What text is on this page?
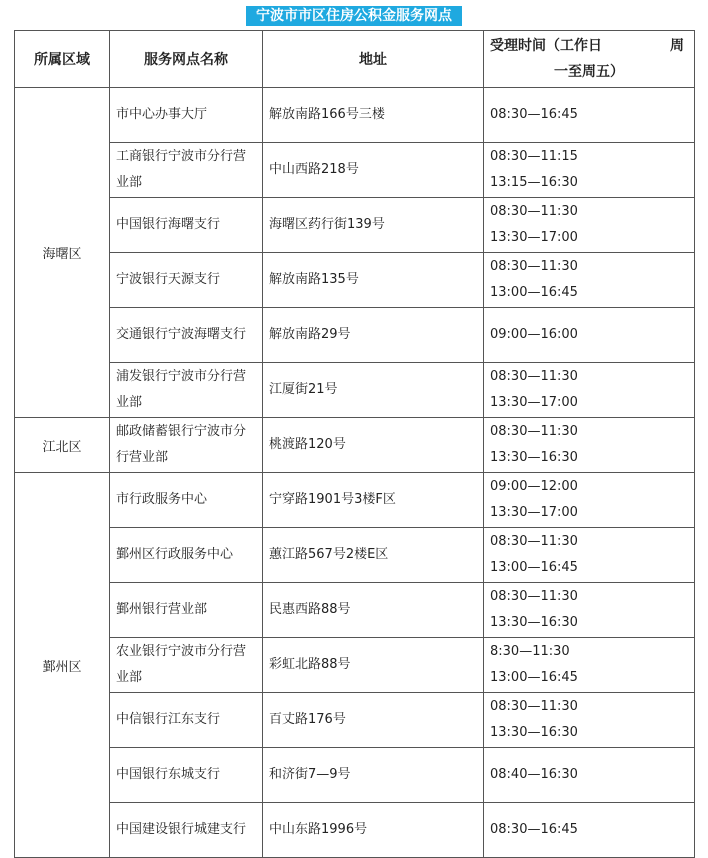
宁波市市区住房公积金服务网点
所属区域	服务网点名称	地址	受理时间（工作日 周
一至周五）

海曙区	市中心办事大厅	解放南路166号三楼	08:30—16:45

	工商银行宁波市分行营业部	中山西路218号	08:30—11:15
13:15—16:30

	中国银行海曙支行	海曙区药行街139号	08:30—11:30
13:30—17:00

	宁波银行天源支行	解放南路135号	08:30—11:30
13:00—16:45

	交通银行宁波海曙支行	解放南路29号	09:00—16:00

	浦发银行宁波市分行营业部	江厦街21号	08:30—11:30
13:30—17:00

江北区	邮政储蓄银行宁波市分行营业部	桃渡路120号	08:30—11:30
13:30—16:30

鄞州区	市行政服务中心	宁穿路1901号3楼F区	09:00—12:00
13:30—17:00

	鄞州区行政服务中心	蕙江路567号2楼E区	08:30—11:30
13:00—16:45

	鄞州银行营业部	民惠西路88号	08:30—11:30
13:30—16:30

	农业银行宁波市分行营业部	彩虹北路88号	8:30—11:30
13:00—16:45

	中信银行江东支行	百丈路176号	08:30—11:30
13:30—16:30

	中国银行东城支行	和济街7—9号	08:40—16:30

	中国建设银行城建支行	中山东路1996号	08:30—16:45
